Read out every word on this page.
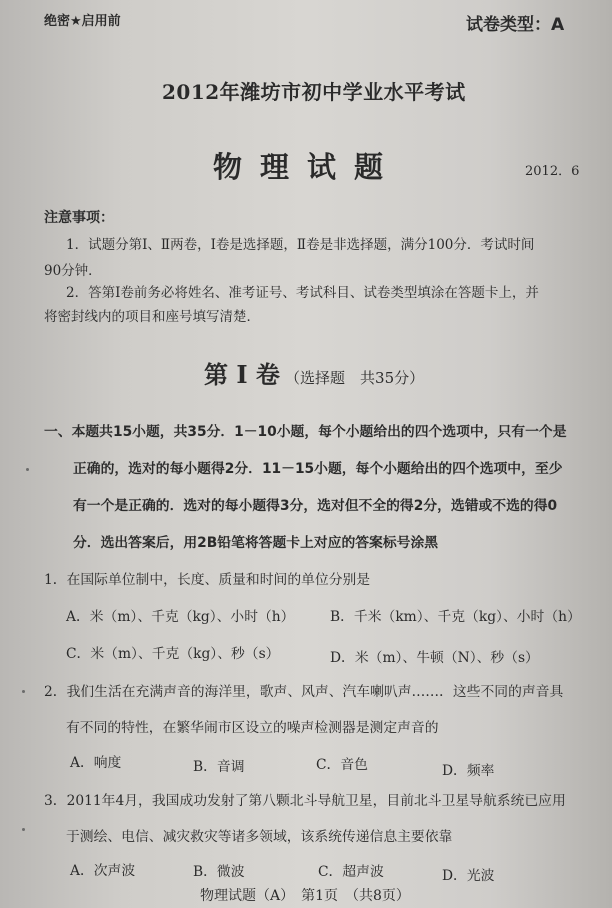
绝密★启用前	试卷类型：A
2012年潍坊市初中学业水平考试
物理试题	2012．6
注意事项：
1．试题分第Ⅰ、Ⅱ两卷，Ⅰ卷是选择题，Ⅱ卷是非选择题，满分100分．考试时间
90分钟．
2．答第Ⅰ卷前务必将姓名、准考证号、考试科目、试卷类型填涂在答题卡上，并
将密封线内的项目和座号填写清楚．
第 Ⅰ 卷 （选择题　共35分）
一、本题共15小题，共35分．1－10小题，每个小题给出的四个选项中，只有一个是
正确的，选对的每小题得2分．11－15小题，每个小题给出的四个选项中，至少
有一个是正确的．选对的每小题得3分，选对但不全的得2分，选错或不选的得0
分．选出答案后，用2B铅笔将答题卡上对应的答案标号涂黑
1．在国际单位制中，长度、质量和时间的单位分别是
A．米（m）、千克（kg）、小时（h）	B．千米（km）、千克（kg）、小时（h）
C．米（m）、千克（kg）、秒（s）	D．米（m）、牛顿（N）、秒（s）
2．我们生活在充满声音的海洋里，歌声、风声、汽车喇叭声……．这些不同的声音具
有不同的特性，在繁华闹市区设立的噪声检测器是测定声音的
A．响度	B．音调	C．音色	D．频率
3．2011年4月，我国成功发射了第八颗北斗导航卫星，目前北斗卫星导航系统已应用
于测绘、电信、减灾救灾等诸多领域，该系统传递信息主要依靠
A．次声波	B．微波	C．超声波	D．光波
物理试题（A）　第1页　（共8页）
